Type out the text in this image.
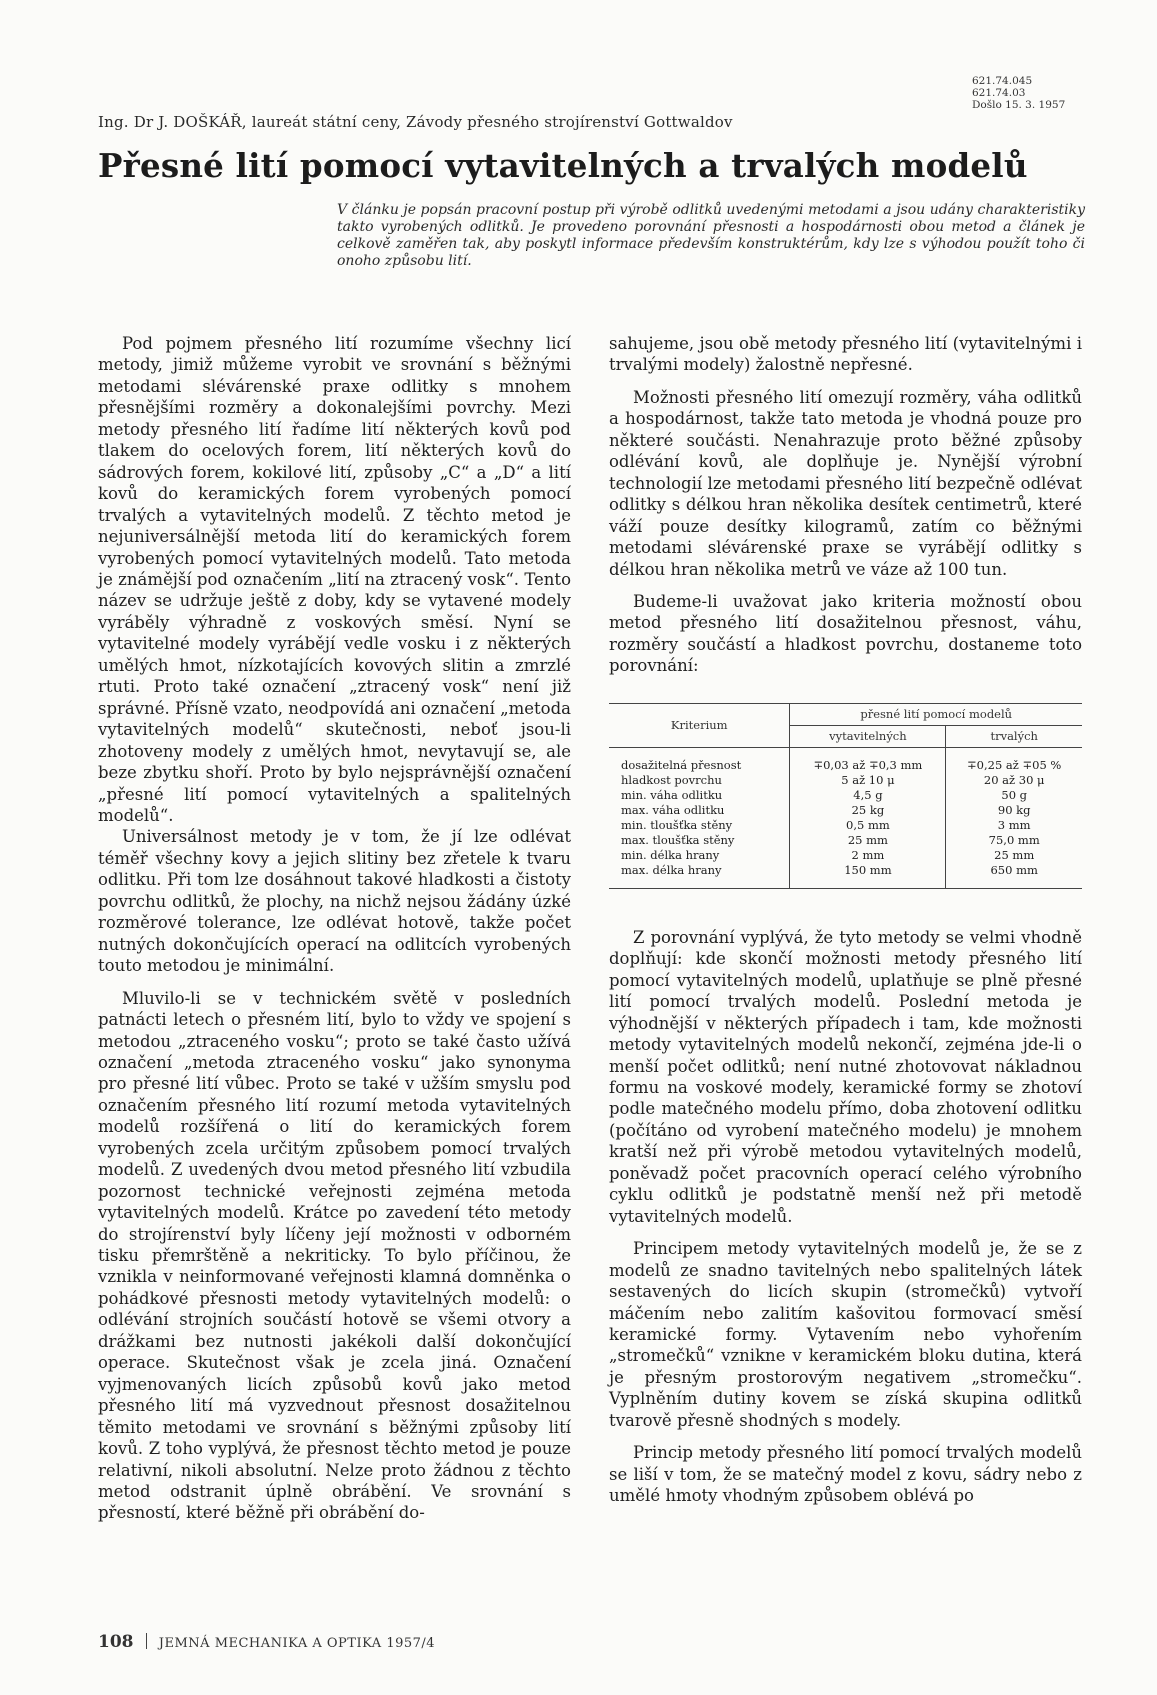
621.74.045
621.74.03
Došlo 15. 3. 1957
Ing. Dr J. DOŠKÁŘ, laureát státní ceny, Závody přesného strojírenství Gottwaldov
Přesné lití pomocí vytavitelných a trvalých modelů

V článku je popsán pracovní postup při výrobě odlitků uvedenými metodami a jsou udány charakteristiky takto vyrobených odlitků. Je provedeno porovnání přesnosti a hospodárnosti obou metod a článek je celkově zaměřen tak, aby poskytl informace především konstruktérům, kdy lze s výhodou použít toho či onoho způsobu lití.

Pod pojmem přesného lití rozumíme všechny licí metody, jimiž můžeme vyrobit ve srovnání s běžnými metodami slévárenské praxe odlitky s mnohem přesnějšími rozměry a dokonalejšími povrchy. Mezi metody přesného lití řadíme lití některých kovů pod tlakem do ocelových forem, lití některých kovů do sádrových forem, kokilové lití, způsoby „C“ a „D“ a lití kovů do keramických forem vyrobených pomocí trvalých a vytavitelných modelů. Z těchto metod je nejuniversálnější metoda lití do keramických forem vyrobených pomocí vytavitelných modelů. Tato metoda je známější pod označením „lití na ztracený vosk“. Tento název se udržuje ještě z doby, kdy se vytavené modely vyráběly výhradně z voskových směsí. Nyní se vytavitelné modely vyrábějí vedle vosku i z některých umělých hmot, nízkotajících kovových slitin a zmrzlé rtuti. Proto také označení „ztracený vosk“ není již správné. Přísně vzato, neodpovídá ani označení „metoda vytavitelných modelů“ skutečnosti, neboť jsou-li zhotoveny modely z umělých hmot, nevytavují se, ale beze zbytku shoří. Proto by bylo nejsprávnější označení „přesné lití pomocí vytavitelných a spalitelných modelů“.

Universálnost metody je v tom, že jí lze odlévat téměř všechny kovy a jejich slitiny bez zřetele k tvaru odlitku. Při tom lze dosáhnout takové hladkosti a čistoty povrchu odlitků, že plochy, na nichž nejsou žádány úzké rozměrové tolerance, lze odlévat hotově, takže počet nutných dokončujících operací na odlitcích vyrobených touto metodou je minimální.

Mluvilo-li se v technickém světě v posledních patnácti letech o přesném lití, bylo to vždy ve spojení s metodou „ztraceného vosku“; proto se také často užívá označení „metoda ztraceného vosku“ jako synonyma pro přesné lití vůbec. Proto se také v užším smyslu pod označením přesného lití rozumí metoda vytavitelných modelů rozšířená o lití do keramických forem vyrobených zcela určitým způsobem pomocí trvalých modelů. Z uvedených dvou metod přesného lití vzbudila pozornost technické veřejnosti zejména metoda vytavitelných modelů. Krátce po zavedení této metody do strojírenství byly líčeny její možnosti v odborném tisku přemrštěně a nekriticky. To bylo příčinou, že vznikla v neinformované veřejnosti klamná domněnka o pohádkové přesnosti metody vytavitelných modelů: o odlévání strojních součástí hotově se všemi otvory a drážkami bez nutnosti jakékoli další dokončující operace. Skutečnost však je zcela jiná. Označení vyjmenovaných licích způsobů kovů jako metod přesného lití má vyzvednout přesnost dosažitelnou těmito metodami ve srovnání s běžnými způsoby lití kovů. Z toho vyplývá, že přesnost těchto metod je pouze relativní, nikoli absolutní. Nelze proto žádnou z těchto metod odstranit úplně obrábění. Ve srovnání s přesností, které běžně při obrábění do-

sahujeme, jsou obě metody přesného lití (vytavitelnými i trvalými modely) žalostně nepřesné.

Možnosti přesného lití omezují rozměry, váha odlitků a hospodárnost, takže tato metoda je vhodná pouze pro některé součásti. Nenahrazuje proto běžné způsoby odlévání kovů, ale doplňuje je. Nynější výrobní technologií lze metodami přesného lití bezpečně odlévat odlitky s délkou hran několika desítek centimetrů, které váží pouze desítky kilogramů, zatím co běžnými metodami slévárenské praxe se vyrábějí odlitky s délkou hran několika metrů ve váze až 100 tun.

Budeme-li uvažovat jako kriteria možností obou metod přesného lití dosažitelnou přesnost, váhu, rozměry součástí a hladkost povrchu, dostaneme toto porovnání:

Kriterium	přesné lití pomocí modelů	
	vytavitelných	trvalých
dosažitelná přesnost	∓0,03 až ∓0,3 mm	∓0,25 až ∓05 %
hladkost povrchu	5 až 10 μ	20 až 30 μ
min. váha odlitku	4,5 g	50 g
max. váha odlitku	25 kg	90 kg
min. tloušťka stěny	0,5 mm	3 mm
max. tloušťka stěny	25 mm	75,0 mm
min. délka hrany	2 mm	25 mm
max. délka hrany	150 mm	650 mm

Z porovnání vyplývá, že tyto metody se velmi vhodně doplňují: kde skončí možnosti metody přesného lití pomocí vytavitelných modelů, uplatňuje se plně přesné lití pomocí trvalých modelů. Poslední metoda je výhodnější v některých případech i tam, kde možnosti metody vytavitelných modelů nekončí, zejména jde-li o menší počet odlitků; není nutné zhotovovat nákladnou formu na voskové modely, keramické formy se zhotoví podle matečného modelu přímo, doba zhotovení odlitku (počítáno od vyrobení matečného modelu) je mnohem kratší než při výrobě metodou vytavitelných modelů, poněvadž počet pracovních operací celého výrobního cyklu odlitků je podstatně menší než při metodě vytavitelných modelů.

Principem metody vytavitelných modelů je, že se z modelů ze snadno tavitelných nebo spalitelných látek sestavených do licích skupin (stromečků) vytvoří máčením nebo zalitím kašovitou formovací směsí keramické formy. Vytavením nebo vyhořením „stromečků“ vznikne v keramickém bloku dutina, která je přesným prostorovým negativem „stromečku“. Vyplněním dutiny kovem se získá skupina odlitků tvarově přesně shodných s modely.

Princip metody přesného lití pomocí trvalých modelů se liší v tom, že se matečný model z kovu, sádry nebo z umělé hmoty vhodným způsobem oblévá po

108 JEMNÁ MECHANIKA A OPTIKA 1957/4
